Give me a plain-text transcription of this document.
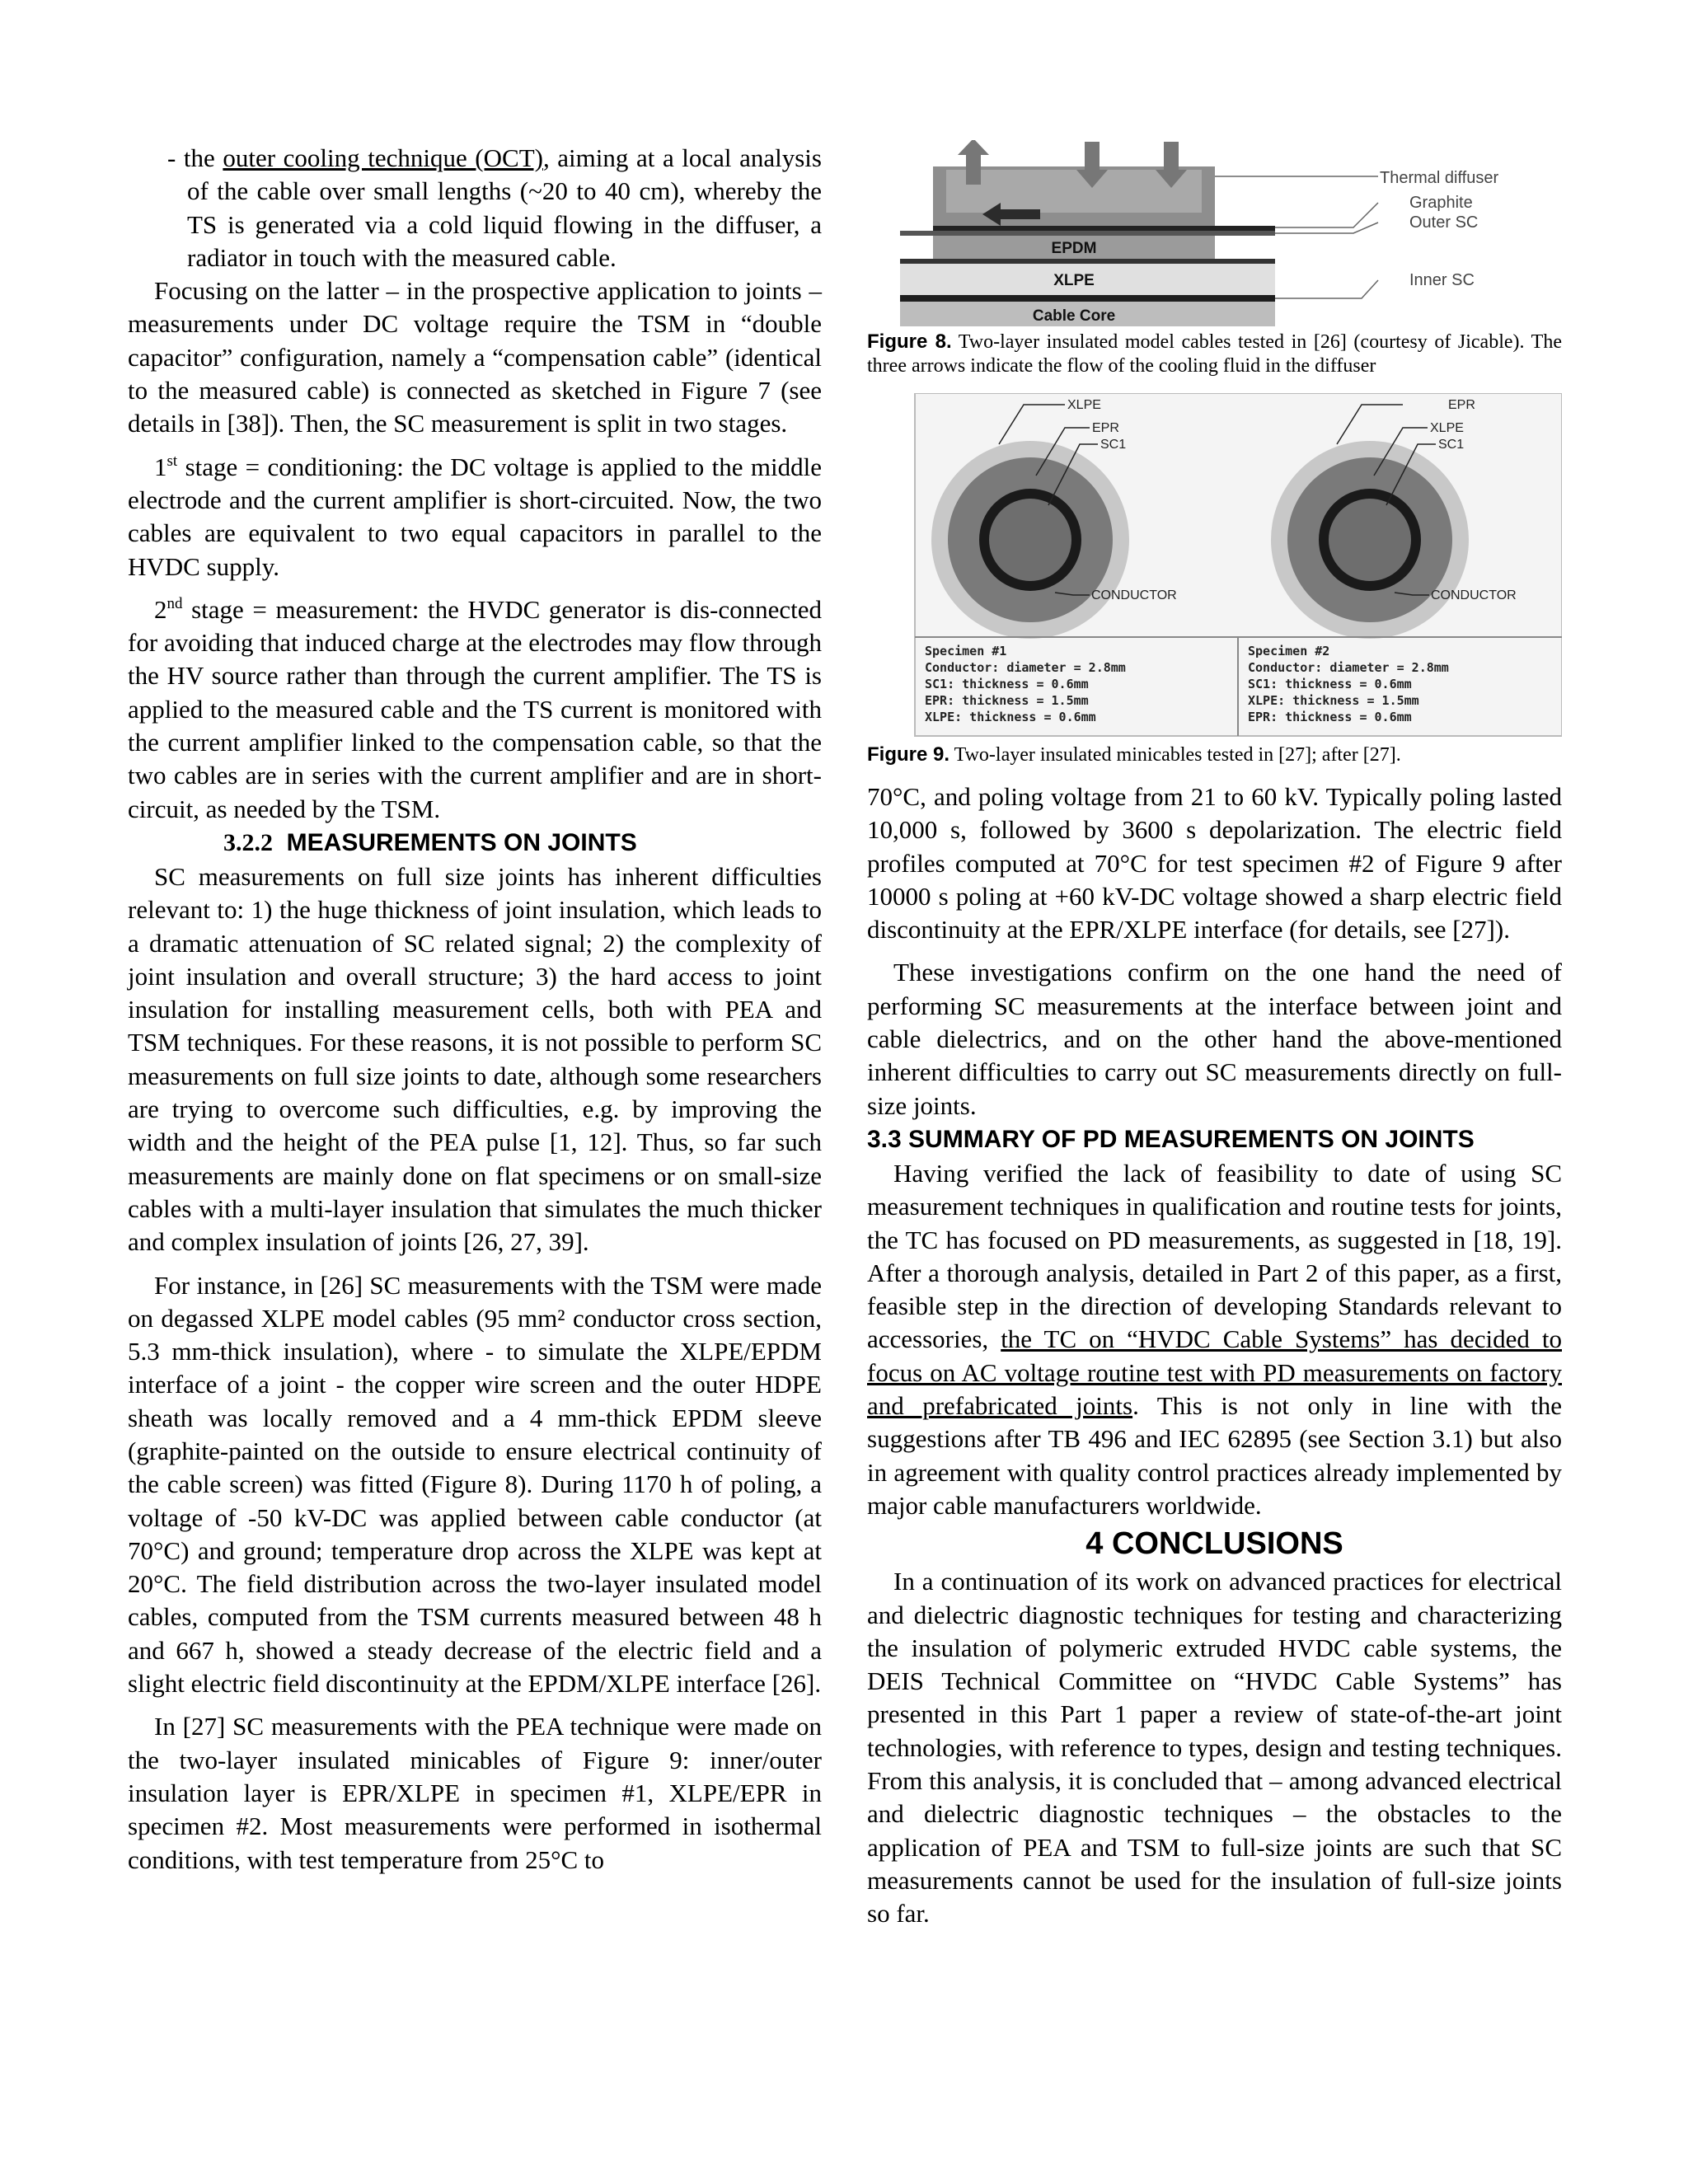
- the outer cooling technique (OCT), aiming at a local analysis of the cable over small lengths (~20 to 40 cm), whereby the TS is generated via a cold liquid flowing in the diffuser, a radiator in touch with the measured cable.

Focusing on the latter – in the prospective application to joints – measurements under DC voltage require the TSM in “double capacitor” configuration, namely a “compensation cable” (identical to the measured cable) is connected as sketched in Figure 7 (see details in [38]). Then, the SC measurement is split in two stages.

1st stage = conditioning: the DC voltage is applied to the middle electrode and the current amplifier is short-circuited. Now, the two cables are equivalent to two equal capacitors in parallel to the HVDC supply.

2nd stage = measurement: the HVDC generator is dis-connected for avoiding that induced charge at the electrodes may flow through the HV source rather than through the current amplifier. The TS is applied to the measured cable and the TS current is monitored with the current amplifier linked to the compensation cable, so that the two cables are in series with the current amplifier and are in short-circuit, as needed by the TSM.

3.2.2 MEASUREMENTS ON JOINTS

SC measurements on full size joints has inherent difficulties relevant to: 1) the huge thickness of joint insulation, which leads to a dramatic attenuation of SC related signal; 2) the complexity of joint insulation and overall structure; 3) the hard access to joint insulation for installing measurement cells, both with PEA and TSM techniques. For these reasons, it is not possible to perform SC measurements on full size joints to date, although some researchers are trying to overcome such difficulties, e.g. by improving the width and the height of the PEA pulse [1, 12]. Thus, so far such measurements are mainly done on flat specimens or on small-size cables with a multi-layer insulation that simulates the much thicker and complex insulation of joints [26, 27, 39].

For instance, in [26] SC measurements with the TSM were made on degassed XLPE model cables (95 mm² conductor cross section, 5.3 mm-thick insulation), where - to simulate the XLPE/EPDM interface of a joint - the copper wire screen and the outer HDPE sheath was locally removed and a 4 mm-thick EPDM sleeve (graphite-painted on the outside to ensure electrical continuity of the cable screen) was fitted (Figure 8). During 1170 h of poling, a voltage of -50 kV-DC was applied between cable conductor (at 70°C) and ground; temperature drop across the XLPE was kept at 20°C. The field distribution across the two-layer insulated model cables, computed from the TSM currents measured between 48 h and 667 h, showed a steady decrease of the electric field and a slight electric field discontinuity at the EPDM/XLPE interface [26].

In [27] SC measurements with the PEA technique were made on the two-layer insulated minicables of Figure 9: inner/outer insulation layer is EPR/XLPE in specimen #1, XLPE/EPR in specimen #2. Most measurements were performed in isothermal conditions, with test temperature from 25°C to

EPDM
XLPE
Cable Core
Thermal diffuser
Graphite
Outer SC
Inner SC

Figure 8. Two-layer insulated model cables tested in [26] (courtesy of Jicable). The three arrows indicate the flow of the cooling fluid in the diffuser

XLPE
EPR
SC1
CONDUCTOR
EPR
XLPE
SC1
CONDUCTOR
Specimen #1
Conductor: diameter = 2.8mm
SC1: thickness = 0.6mm
EPR: thickness = 1.5mm
XLPE: thickness = 0.6mm
Specimen #2
Conductor: diameter = 2.8mm
SC1: thickness = 0.6mm
XLPE: thickness = 1.5mm
EPR: thickness = 0.6mm

Figure 9. Two-layer insulated minicables tested in [27]; after [27].

70°C, and poling voltage from 21 to 60 kV. Typically poling lasted 10,000 s, followed by 3600 s depolarization. The electric field profiles computed at 70°C for test specimen #2 of Figure 9 after 10000 s poling at +60 kV-DC voltage showed a sharp electric field discontinuity at the EPR/XLPE interface (for details, see [27]).

These investigations confirm on the one hand the need of performing SC measurements at the interface between joint and cable dielectrics, and on the other hand the above-mentioned inherent difficulties to carry out SC measurements directly on full-size joints.

3.3 SUMMARY OF PD MEASUREMENTS ON JOINTS

Having verified the lack of feasibility to date of using SC measurement techniques in qualification and routine tests for joints, the TC has focused on PD measurements, as suggested in [18, 19]. After a thorough analysis, detailed in Part 2 of this paper, as a first, feasible step in the direction of developing Standards relevant to accessories, the TC on “HVDC Cable Systems” has decided to focus on AC voltage routine test with PD measurements on factory and prefabricated joints. This is not only in line with the suggestions after TB 496 and IEC 62895 (see Section 3.1) but also in agreement with quality control practices already implemented by major cable manufacturers worldwide.

4 CONCLUSIONS

In a continuation of its work on advanced practices for electrical and dielectric diagnostic techniques for testing and characterizing the insulation of polymeric extruded HVDC cable systems, the DEIS Technical Committee on “HVDC Cable Systems” has presented in this Part 1 paper a review of state-of-the-art joint technologies, with reference to types, design and testing techniques. From this analysis, it is concluded that – among advanced electrical and dielectric diagnostic techniques – the obstacles to the application of PEA and TSM to full-size joints are such that SC measurements cannot be used for the insulation of full-size joints so far.
